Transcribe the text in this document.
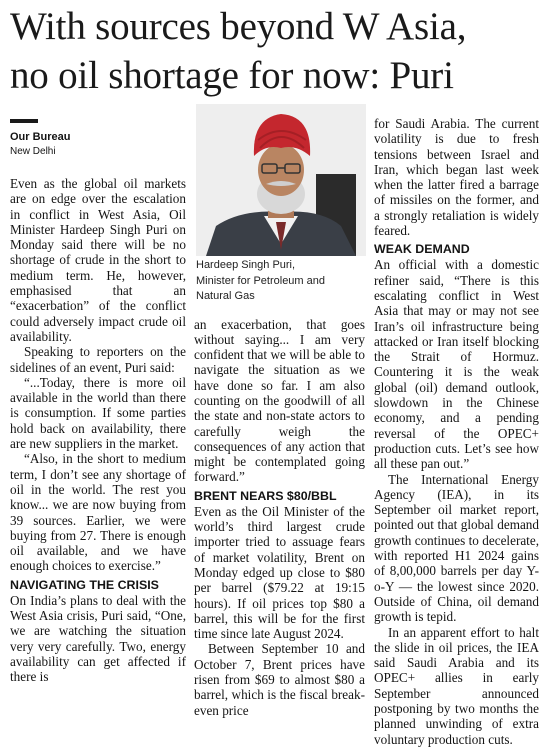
With sources beyond W Asia,
no oil shortage for now: Puri
Our Bureau
New Delhi

Even as the global oil markets are on edge over the escalation in conflict in West Asia, Oil Minister Hardeep Singh Puri on Monday said there will be no shortage of crude in the short to medium term. He, however, emphasised that an “exacerbation” of the conflict could adversely impact crude oil availability.

Speaking to reporters on the sidelines of an event, Puri said:

“...Today, there is more oil available in the world than there is consumption. If some parties hold back on availability, there are new suppliers in the market.

“Also, in the short to medium term, I don’t see any shortage of oil in the world. The rest you know... we are now buying from 39 sources. Earlier, we were buying from 27. There is enough oil available, and we have enough choices to exercise.”

NAVIGATING THE CRISIS

On India’s plans to deal with the West Asia crisis, Puri said, “One, we are watching the situation very very carefully. Two, energy availability can get affected if there is

Hardeep Singh Puri,
Minister for Petroleum and
Natural Gas

an exacerbation, that goes without saying... I am very confident that we will be able to navigate the situation as we have done so far. I am also counting on the goodwill of all the state and non-state actors to carefully weigh the consequences of any action that might be contemplated going forward.”

BRENT NEARS $80/BBL

Even as the Oil Minister of the world’s third largest crude importer tried to assuage fears of market volatility, Brent on Monday edged up close to $80 per barrel ($79.22 at 19:15 hours). If oil prices top $80 a barrel, this will be for the first time since late August 2024.

Between September 10 and October 7, Brent prices have risen from $69 to almost $80 a barrel, which is the fiscal break-even price

for Saudi Arabia. The current volatility is due to fresh tensions between Israel and Iran, which began last week when the latter fired a barrage of missiles on the former, and a strongly retaliation is widely feared.

WEAK DEMAND

An official with a domestic refiner said, “There is this escalating conflict in West Asia that may or may not see Iran’s oil infrastructure being attacked or Iran itself blocking the Strait of Hormuz. Countering it is the weak global (oil) demand outlook, slowdown in the Chinese economy, and a pending reversal of the OPEC+ production cuts. Let’s see how all these pan out.”

The International Energy Agency (IEA), in its September oil market report, pointed out that global demand growth continues to decelerate, with reported H1 2024 gains of 8,00,000 barrels per day Y-o-Y — the lowest since 2020. Outside of China, oil demand growth is tepid.

In an apparent effort to halt the slide in oil prices, the IEA said Saudi Arabia and its OPEC+ allies in early September announced postponing by two months the planned unwinding of extra voluntary production cuts.
